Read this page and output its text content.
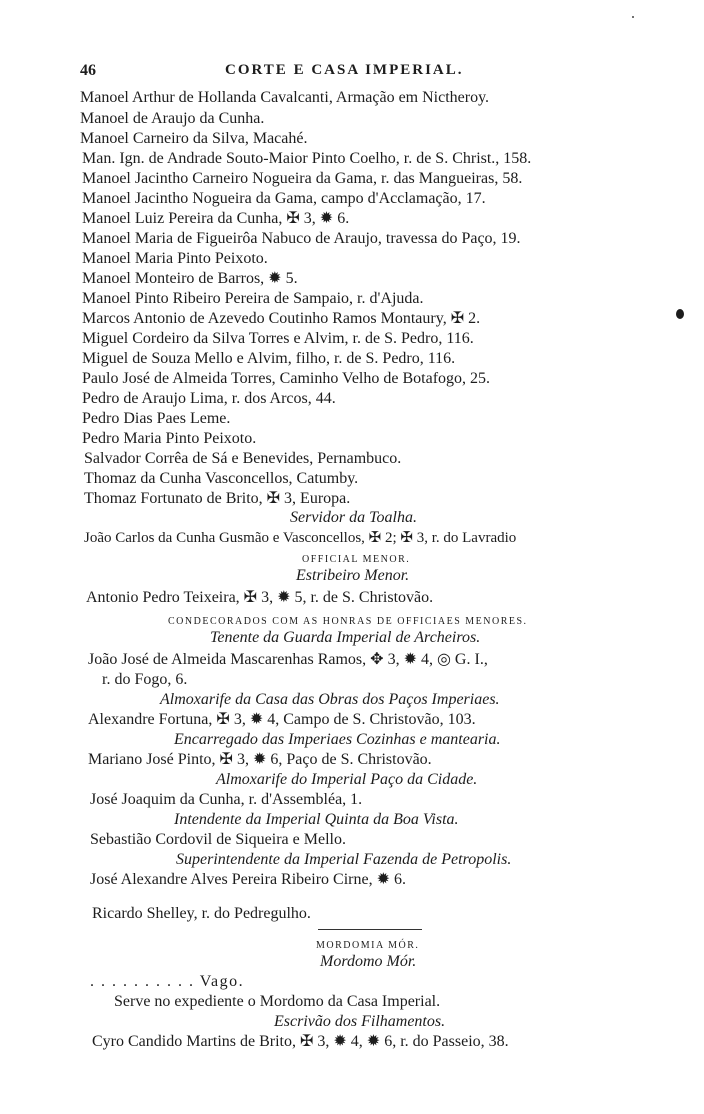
46	CORTE E CASA IMPERIAL.
Manoel Arthur de Hollanda Cavalcanti, Armação em Nictheroy.
Manoel de Araujo da Cunha.
Manoel Carneiro da Silva, Macahé.
Man. Ign. de Andrade Souto-Maior Pinto Coelho, r. de S. Christ., 158.
Manoel Jacintho Carneiro Nogueira da Gama, r. das Mangueiras, 58.
Manoel Jacintho Nogueira da Gama, campo d'Acclamação, 17.
Manoel Luiz Pereira da Cunha, ✠ 3, ✹ 6.
Manoel Maria de Figueirôa Nabuco de Araujo, travessa do Paço, 19.
Manoel Maria Pinto Peixoto.
Manoel Monteiro de Barros, ✹ 5.
Manoel Pinto Ribeiro Pereira de Sampaio, r. d'Ajuda.
Marcos Antonio de Azevedo Coutinho Ramos Montaury, ✠ 2.
Miguel Cordeiro da Silva Torres e Alvim, r. de S. Pedro, 116.
Miguel de Souza Mello e Alvim, filho, r. de S. Pedro, 116.
Paulo José de Almeida Torres, Caminho Velho de Botafogo, 25.
Pedro de Araujo Lima, r. dos Arcos, 44.
Pedro Dias Paes Leme.
Pedro Maria Pinto Peixoto.
Salvador Corrêa de Sá e Benevides, Pernambuco.
Thomaz da Cunha Vasconcellos, Catumby.
Thomaz Fortunato de Brito, ✠ 3, Europa.
Servidor da Toalha.
João Carlos da Cunha Gusmão e Vasconcellos, ✠ 2; ✠ 3, r. do Lavradio
OFFICIAL MENOR.
Estribeiro Menor.
Antonio Pedro Teixeira, ✠ 3, ✹ 5, r. de S. Christovão.
CONDECORADOS COM AS HONRAS DE OFFICIAES MENORES.
Tenente da Guarda Imperial de Archeiros.
João José de Almeida Mascarenhas Ramos, ✥ 3, ✹ 4, ◎ G. I.,
r. do Fogo, 6.
Almoxarife da Casa das Obras dos Paços Imperiaes.
Alexandre Fortuna, ✠ 3, ✹ 4, Campo de S. Christovão, 103.
Encarregado das Imperiaes Cozinhas e mantearia.
Mariano José Pinto, ✠ 3, ✹ 6, Paço de S. Christovão.
Almoxarife do Imperial Paço da Cidade.
José Joaquim da Cunha, r. d'Assembléa, 1.
Intendente da Imperial Quinta da Boa Vista.
Sebastião Cordovil de Siqueira e Mello.
Superintendente da Imperial Fazenda de Petropolis.
José Alexandre Alves Pereira Ribeiro Cirne, ✹ 6.
Ricardo Shelley, r. do Pedregulho.
MORDOMIA MÓR.
Mordomo Mór.
. . . . . . . . . . Vago.
Serve no expediente o Mordomo da Casa Imperial.
Escrivão dos Filhamentos.
Cyro Candido Martins de Brito, ✠ 3, ✹ 4, ✹ 6, r. do Passeio, 38.
